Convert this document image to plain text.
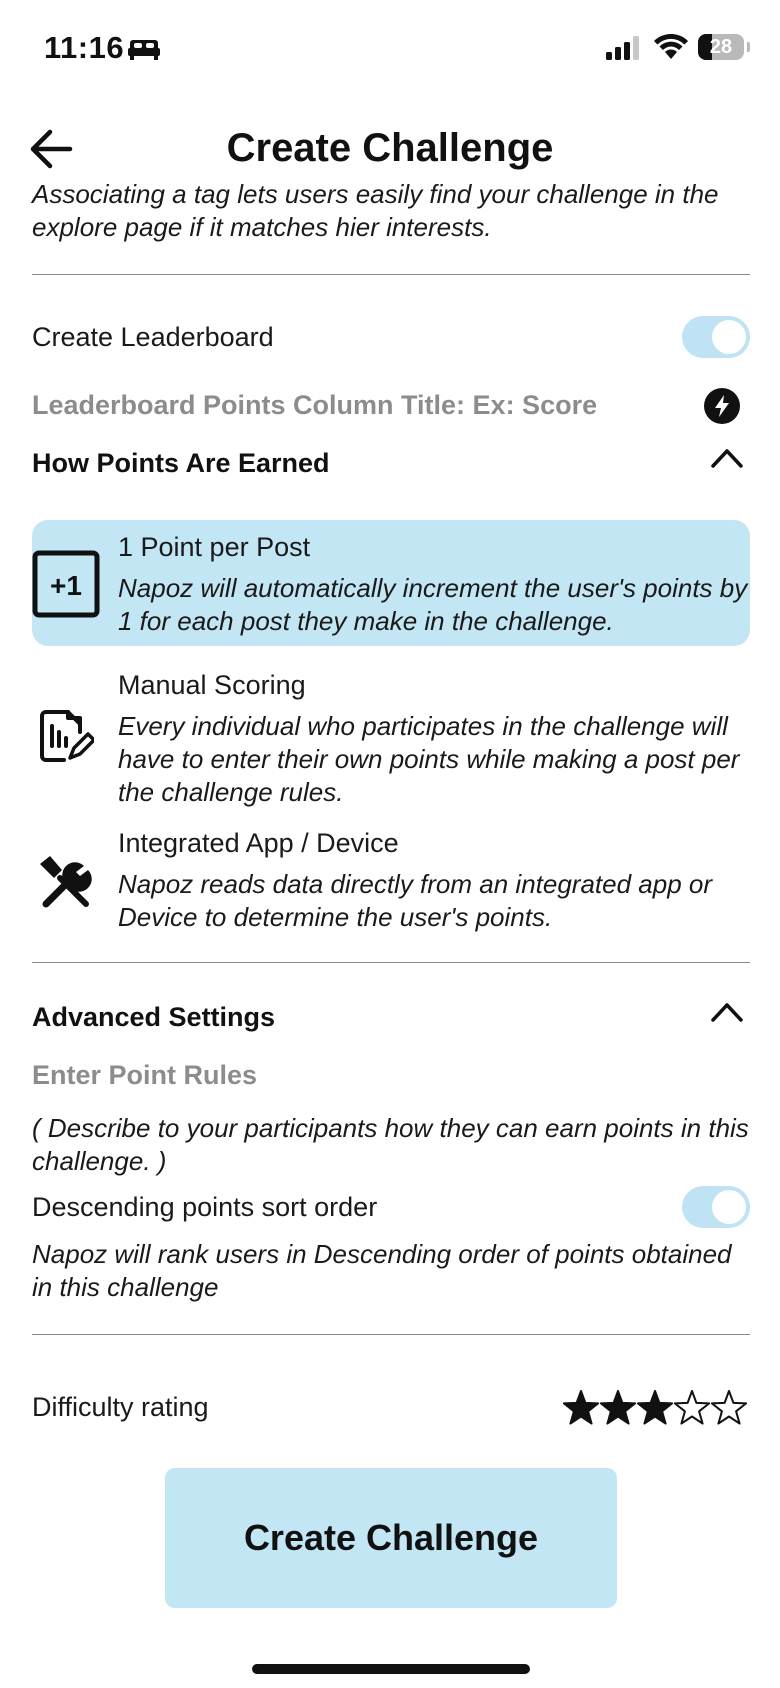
11:16	28
Create Challenge
Associating a tag lets users easily find your challenge in the explore page if it matches hier interests.
Create Leaderboard
Leaderboard Points Column Title: Ex: Score
How Points Are Earned
+1
1 Point per Post
Napoz will automatically increment the user's points by 1 for each post they make in the challenge.
Manual Scoring
Every individual who participates in the challenge will have to enter their own points while making a post per the challenge rules.
Integrated App / Device
Napoz reads data directly from an integrated app or Device to determine the user's points.
Advanced Settings
Enter Point Rules
( Describe to your participants how they can earn points in this challenge. )
Descending points sort order
Napoz will rank users in Descending order of points obtained in this challenge
Difficulty rating
Create Challenge
